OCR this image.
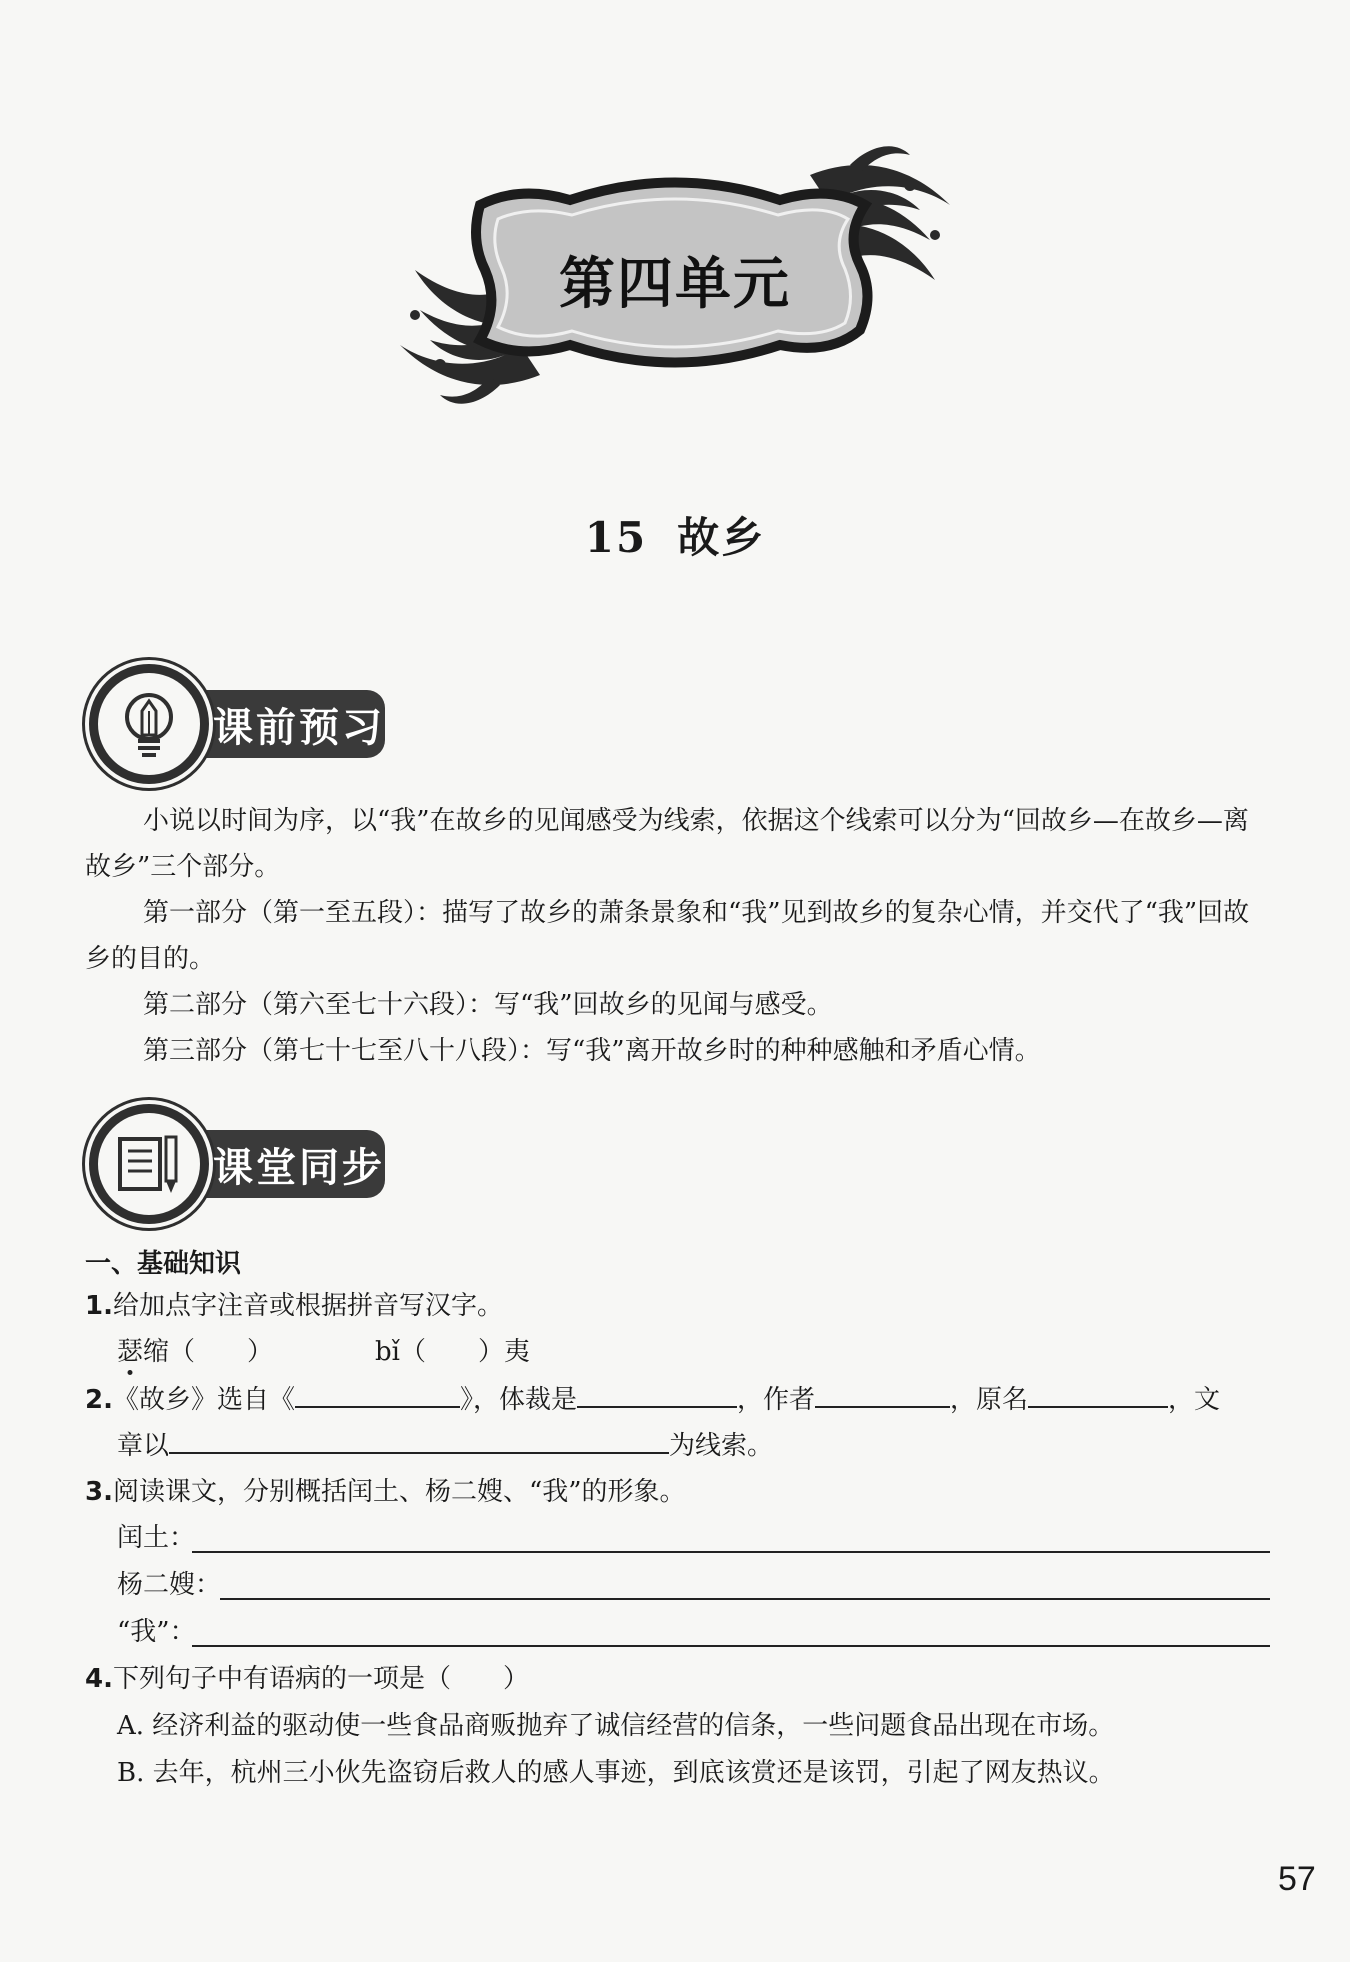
第四单元
15 故乡
课前预习

小说以时间为序，以“我”在故乡的见闻感受为线索，依据这个线索可以分为“回故乡—在故乡—离故乡”三个部分。

第一部分（第一至五段）：描写了故乡的萧条景象和“我”见到故乡的复杂心情，并交代了“我”回故乡的目的。

第二部分（第六至七十六段）：写“我”回故乡的见闻与感受。

第三部分（第七十七至八十八段）：写“我”离开故乡时的种种感触和矛盾心情。

课堂同步
一、基础知识
1.给加点字注音或根据拼音写汉字。
瑟缩（　　）	bǐ（　　）夷
2.《故乡》选自《	》，体裁是	，作者	，原名	，文
章以	为线索。
3.阅读课文，分别概括闰土、杨二嫂、“我”的形象。
闰土：
杨二嫂：
“我”：
4.下列句子中有语病的一项是（　　）
A. 经济利益的驱动使一些食品商贩抛弃了诚信经营的信条，一些问题食品出现在市场。
B. 去年，杭州三小伙先盗窃后救人的感人事迹，到底该赏还是该罚，引起了网友热议。
57
